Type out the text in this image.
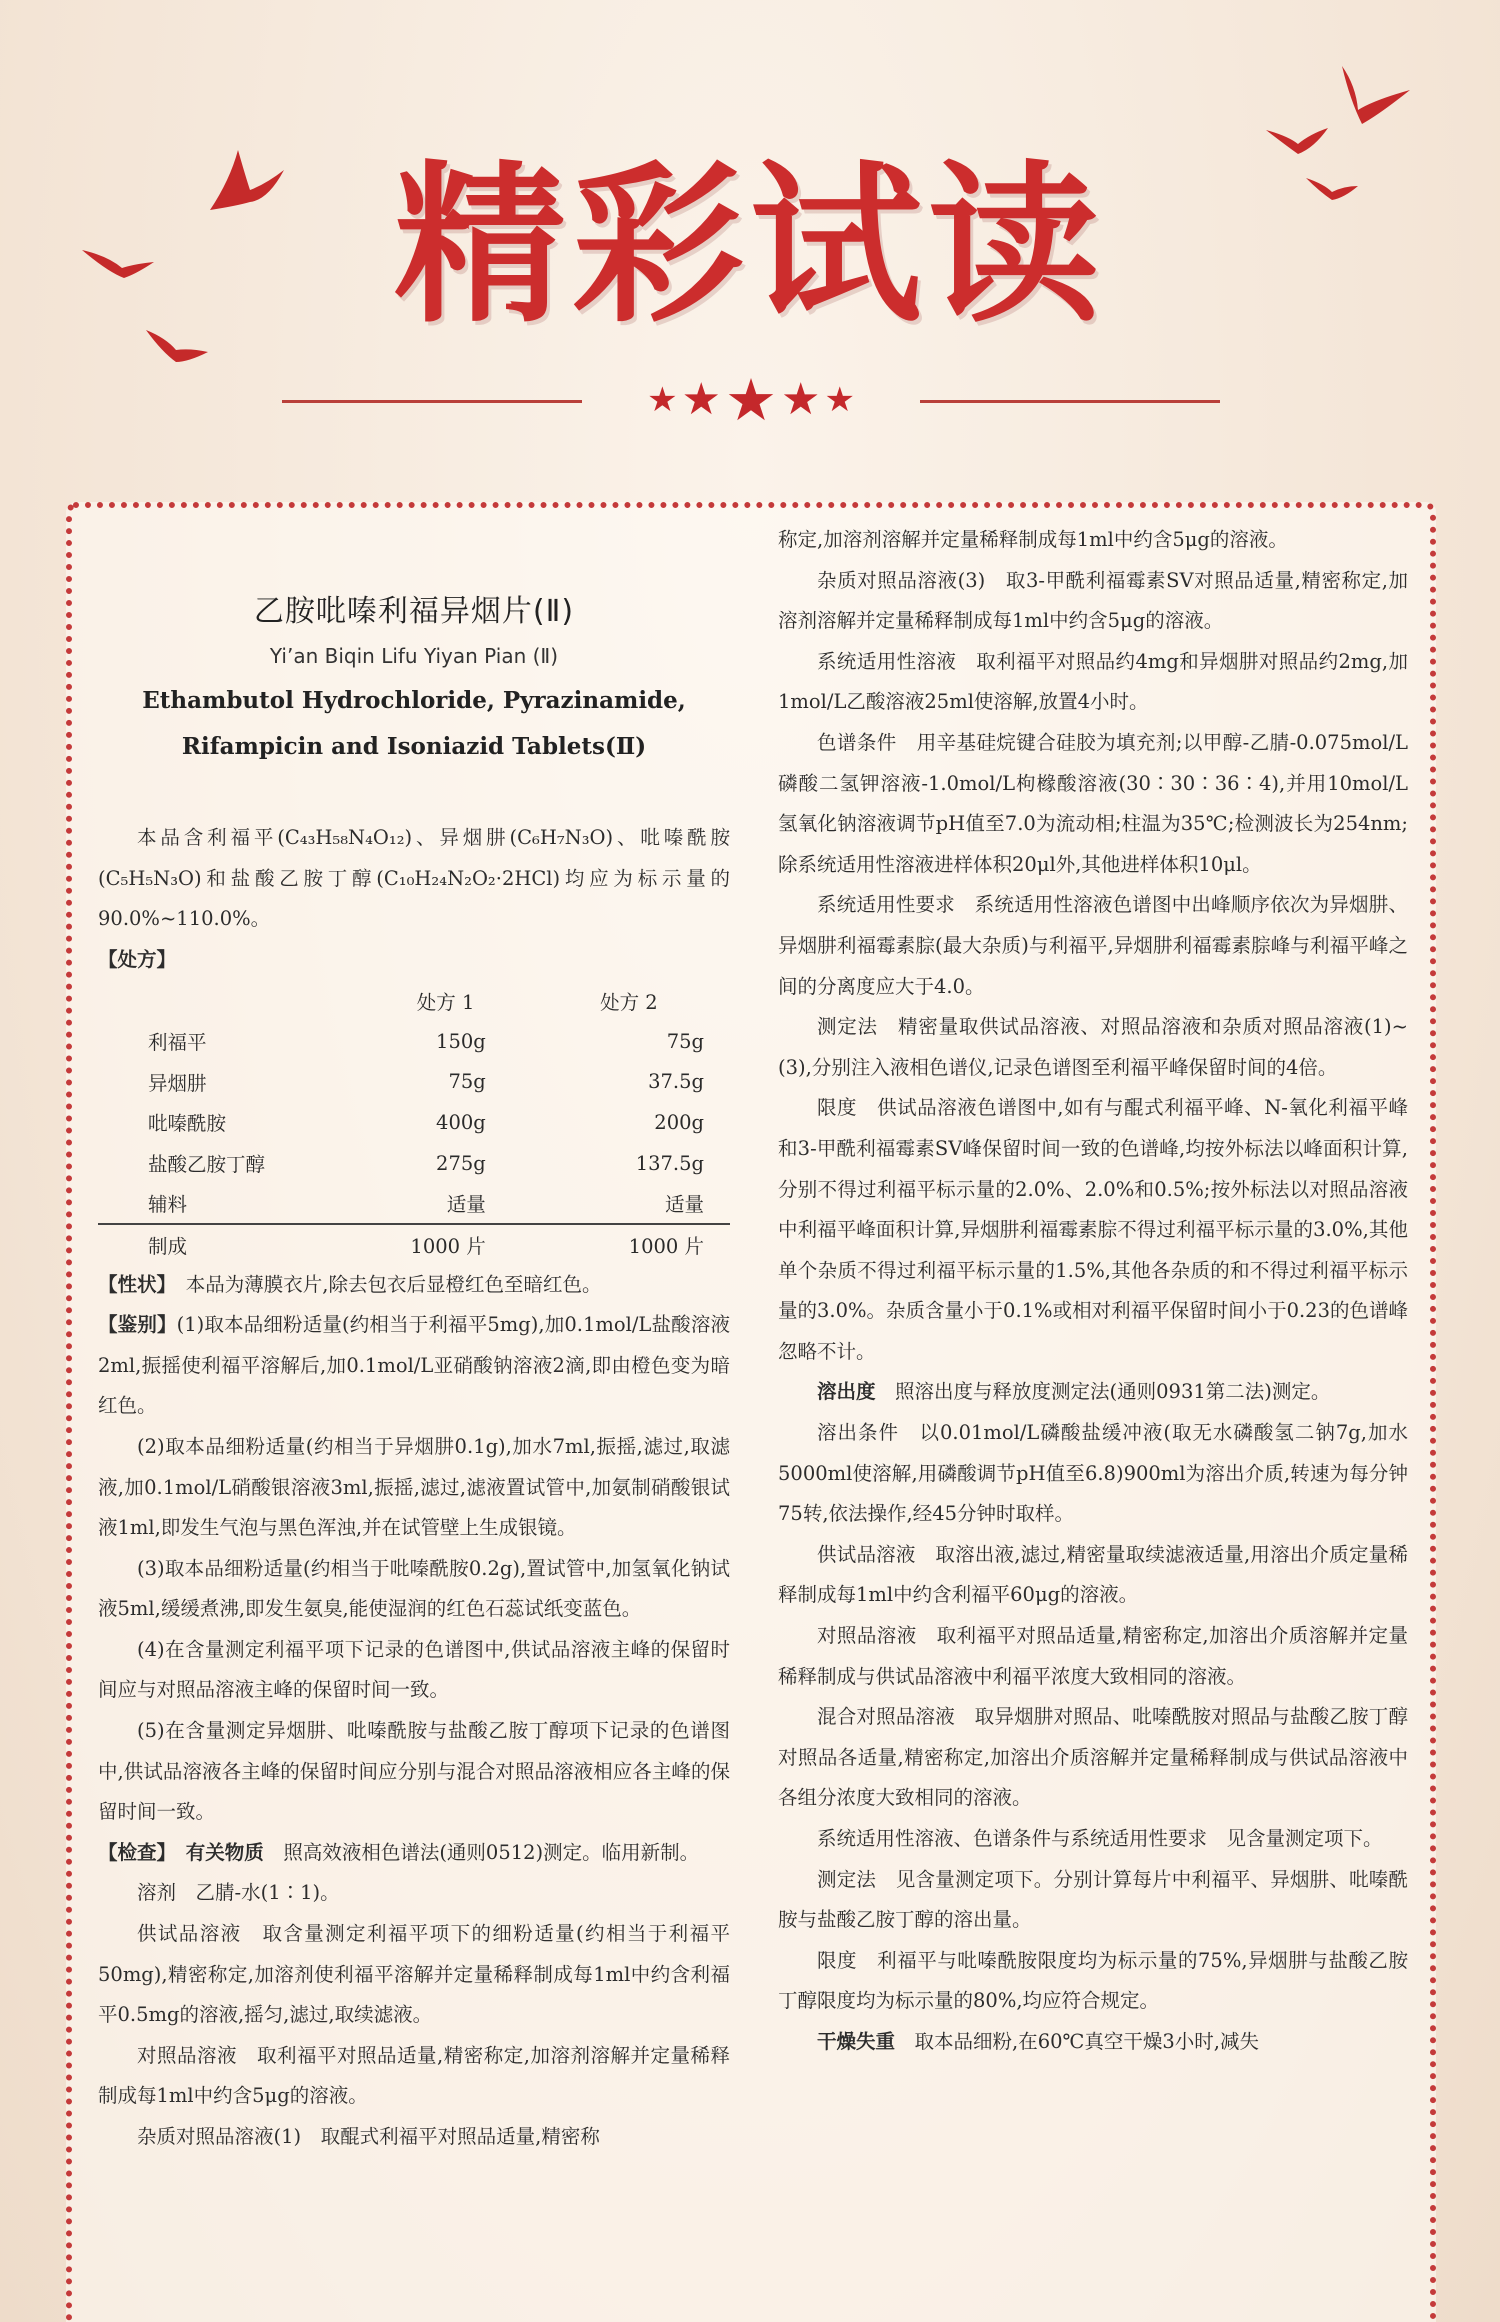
精彩试读
★ ★ ★ ★ ★
乙胺吡嗪利福异烟片(Ⅱ)
Yi’an Biqin Lifu Yiyan Pian (Ⅱ)
Ethambutol Hydrochloride, Pyrazinamide,
Rifampicin and Isoniazid Tablets(Ⅱ)

本品含利福平(C₄₃H₅₈N₄O₁₂)、异烟肼(C₆H₇N₃O)、吡嗪酰胺(C₅H₅N₃O)和盐酸乙胺丁醇(C₁₀H₂₄N₂O₂·2HCl)均应为标示量的90.0%~110.0%。

【处方】

	处方 1	处方 2
利福平	150g	75g
异烟肼	75g	37.5g
吡嗪酰胺	400g	200g
盐酸乙胺丁醇	275g	137.5g
辅料	适量	适量
制成	1000 片	1000 片

【性状】　 本品为薄膜衣片,除去包衣后显橙红色至暗红色。

【鉴别】(1)取本品细粉适量(约相当于利福平5mg),加0.1mol/L盐酸溶液2ml,振摇使利福平溶解后,加0.1mol/L亚硝酸钠溶液2滴,即由橙色变为暗红色。

(2)取本品细粉适量(约相当于异烟肼0.1g),加水7ml,振摇,滤过,取滤液,加0.1mol/L硝酸银溶液3ml,振摇,滤过,滤液置试管中,加氨制硝酸银试液1ml,即发生气泡与黑色浑浊,并在试管壁上生成银镜。

(3)取本品细粉适量(约相当于吡嗪酰胺0.2g),置试管中,加氢氧化钠试液5ml,缓缓煮沸,即发生氨臭,能使湿润的红色石蕊试纸变蓝色。

(4)在含量测定利福平项下记录的色谱图中,供试品溶液主峰的保留时间应与对照品溶液主峰的保留时间一致。

(5)在含量测定异烟肼、吡嗪酰胺与盐酸乙胺丁醇项下记录的色谱图中,供试品溶液各主峰的保留时间应分别与混合对照品溶液相应各主峰的保留时间一致。

【检查】　 有关物质　 照高效液相色谱法(通则0512)测定。临用新制。

溶剂　 乙腈-水(1∶1)。

供试品溶液　 取含量测定利福平项下的细粉适量(约相当于利福平50mg),精密称定,加溶剂使利福平溶解并定量稀释制成每1ml中约含利福平0.5mg的溶液,摇匀,滤过,取续滤液。

对照品溶液　 取利福平对照品适量,精密称定,加溶剂溶解并定量稀释制成每1ml中约含5μg的溶液。

杂质对照品溶液(1)　取醌式利福平对照品适量,精密称

称定,加溶剂溶解并定量稀释制成每1ml中约含5μg的溶液。

杂质对照品溶液(3)　 取3-甲酰利福霉素SV对照品适量,精密称定,加溶剂溶解并定量稀释制成每1ml中约含5μg的溶液。

系统适用性溶液　 取利福平对照品约4mg和异烟肼对照品约2mg,加1mol/L乙酸溶液25ml使溶解,放置4小时。

色谱条件　 用辛基硅烷键合硅胶为填充剂;以甲醇-乙腈-0.075mol/L磷酸二氢钾溶液-1.0mol/L枸橼酸溶液(30∶30∶36∶4),并用10mol/L氢氧化钠溶液调节pH值至7.0为流动相;柱温为35℃;检测波长为254nm;除系统适用性溶液进样体积20μl外,其他进样体积10μl。

系统适用性要求　 系统适用性溶液色谱图中出峰顺序依次为异烟肼、异烟肼利福霉素腙(最大杂质)与利福平,异烟肼利福霉素腙峰与利福平峰之间的分离度应大于4.0。

测定法　 精密量取供试品溶液、对照品溶液和杂质对照品溶液(1)~(3),分别注入液相色谱仪,记录色谱图至利福平峰保留时间的4倍。

限度　 供试品溶液色谱图中,如有与醌式利福平峰、N-氧化利福平峰和3-甲酰利福霉素SV峰保留时间一致的色谱峰,均按外标法以峰面积计算,分别不得过利福平标示量的2.0%、2.0%和0.5%;按外标法以对照品溶液中利福平峰面积计算,异烟肼利福霉素腙不得过利福平标示量的3.0%,其他单个杂质不得过利福平标示量的1.5%,其他各杂质的和不得过利福平标示量的3.0%。杂质含量小于0.1%或相对利福平保留时间小于0.23的色谱峰忽略不计。

溶出度　 照溶出度与释放度测定法(通则0931第二法)测定。

溶出条件　 以0.01mol/L磷酸盐缓冲液(取无水磷酸氢二钠7g,加水5000ml使溶解,用磷酸调节pH值至6.8)900ml为溶出介质,转速为每分钟75转,依法操作,经45分钟时取样。

供试品溶液　 取溶出液,滤过,精密量取续滤液适量,用溶出介质定量稀释制成每1ml中约含利福平60μg的溶液。

对照品溶液　 取利福平对照品适量,精密称定,加溶出介质溶解并定量稀释制成与供试品溶液中利福平浓度大致相同的溶液。

混合对照品溶液　 取异烟肼对照品、吡嗪酰胺对照品与盐酸乙胺丁醇对照品各适量,精密称定,加溶出介质溶解并定量稀释制成与供试品溶液中各组分浓度大致相同的溶液。

系统适用性溶液、色谱条件与系统适用性要求　见含量测定项下。

测定法　 见含量测定项下。分别计算每片中利福平、异烟肼、吡嗪酰胺与盐酸乙胺丁醇的溶出量。

限度　 利福平与吡嗪酰胺限度均为标示量的75%,异烟肼与盐酸乙胺丁醇限度均为标示量的80%,均应符合规定。

干燥失重　 取本品细粉,在60℃真空干燥3小时,减失
